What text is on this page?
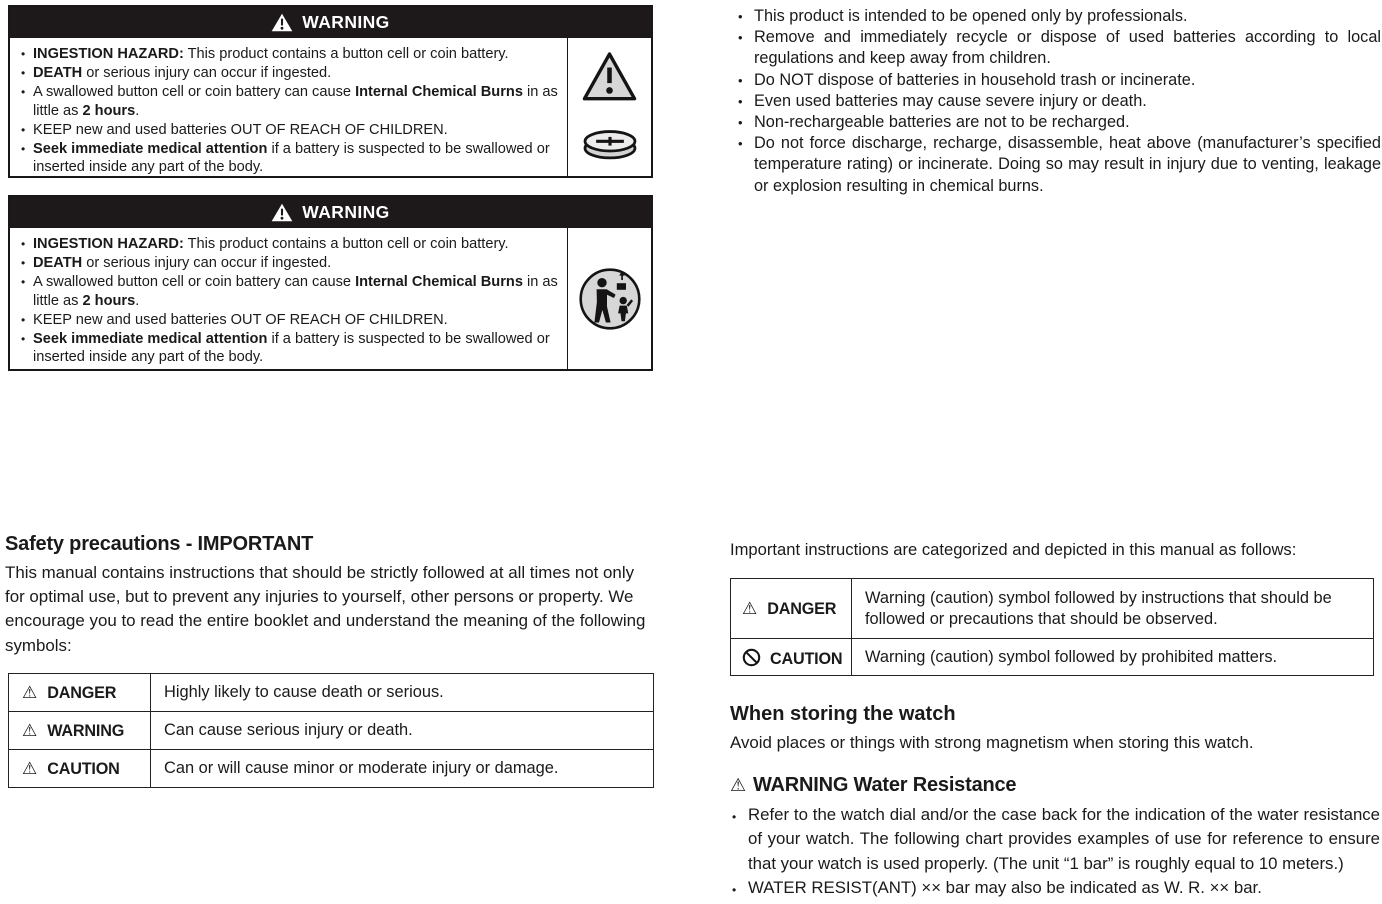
WARNING
• INGESTION HAZARD: This product contains a button cell or coin battery.
• DEATH or serious injury can occur if ingested.
• A swallowed button cell or coin battery can cause Internal Chemical Burns in as little as 2 hours.
• KEEP new and used batteries OUT OF REACH OF CHILDREN.
• Seek immediate medical attention if a battery is suspected to be swallowed or inserted inside any part of the body.
WARNING
• INGESTION HAZARD: This product contains a button cell or coin battery.
• DEATH or serious injury can occur if ingested.
• A swallowed button cell or coin battery can cause Internal Chemical Burns in as little as 2 hours.
• KEEP new and used batteries OUT OF REACH OF CHILDREN.
• Seek immediate medical attention if a battery is suspected to be swallowed or inserted inside any part of the body.
• This product is intended to be opened only by professionals.
• Remove and immediately recycle or dispose of used batteries according to local regulations and keep away from children.
• Do NOT dispose of batteries in household trash or incinerate.
• Even used batteries may cause severe injury or death.
• Non-rechargeable batteries are not to be recharged.
• Do not force discharge, recharge, disassemble, heat above (manufacturer’s specified temperature rating) or incinerate. Doing so may result in injury due to venting, leakage or explosion resulting in chemical burns.
Safety precautions - IMPORTANT

This manual contains instructions that should be strictly followed at all times not only for optimal use, but to prevent any injuries to yourself, other persons or property. We encourage you to read the entire booklet and understand the meaning of the following symbols:

⚠ DANGER	Highly likely to cause death or serious.
⚠ WARNING	Can cause serious injury or death.
⚠ CAUTION	Can or will cause minor or moderate injury or damage.
Important instructions are categorized and depicted in this manual as follows:
⚠ DANGER	Warning (caution) symbol followed by instructions that should be followed or precautions that should be observed.
CAUTION	Warning (caution) symbol followed by prohibited matters.
When storing the watch

Avoid places or things with strong magnetism when storing this watch.

⚠ WARNING Water Resistance
• Refer to the watch dial and/or the case back for the indication of the water resistance of your watch. The following chart provides examples of use for reference to ensure that your watch is used properly. (The unit “1 bar” is roughly equal to 10 meters.)
• WATER RESIST(ANT) ×× bar may also be indicated as W. R. ×× bar.
